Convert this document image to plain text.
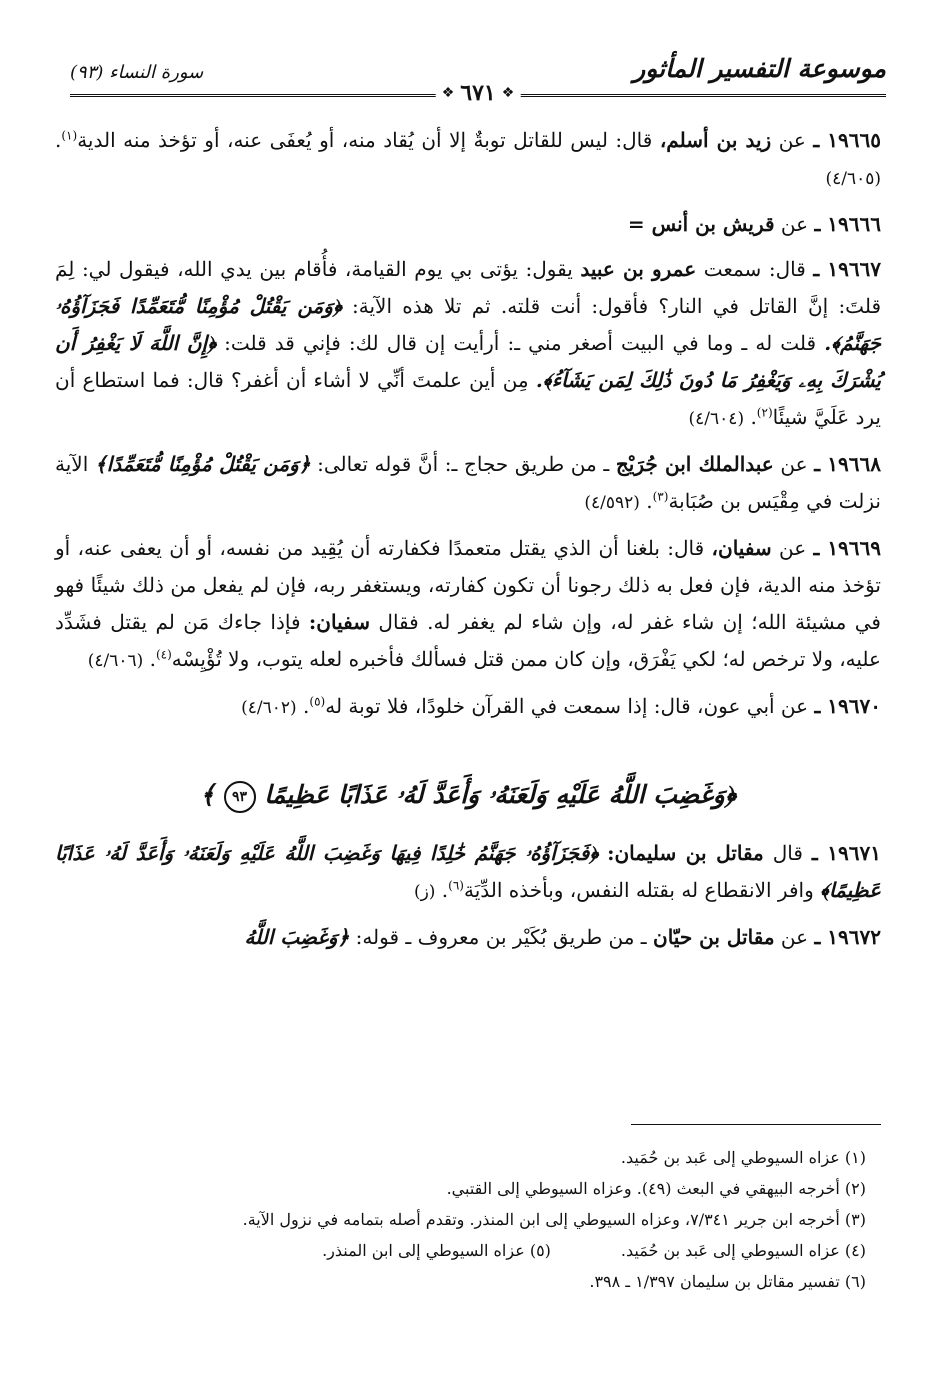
موسوعة التفسير المأثور
❖
٦٧١
❖
سورة النساء (٩٣)

١٩٦٦٥ ـ عن زيد بن أسلم، قال: ليس للقاتل توبةٌ إلا أن يُقاد منه، أو يُعفَى عنه، أو تؤخذ منه الدية$^{(١)}$. (٤/٦٠٥)

١٩٦٦٦ ـ عن قريش بن أنس =

١٩٦٦٧ ـ قال: سمعت عمرو بن عبيد يقول: يؤتى بي يوم القيامة، فأُقام بين يدي الله، فيقول لي: لِمَ قلتَ: إنَّ القاتل في النار؟ فأقول: أنت قلته. ثم تلا هذه الآية: ﴿وَمَن يَقْتُلْ مُؤْمِنًا مُّتَعَمِّدًا فَجَزَآؤُهُۥ جَهَنَّمُ﴾. قلت له ـ وما في البيت أصغر مني ـ: أرأيت إن قال لك: فإني قد قلت: ﴿إِنَّ اللَّهَ لَا يَغْفِرُ أَن يُشْرَكَ بِهِۦ وَيَغْفِرُ مَا دُونَ ذَٰلِكَ لِمَن يَشَآءُ﴾. مِن أين علمتَ أنِّي لا أشاء أن أغفر؟ قال: فما استطاع أن يرد عَلَيَّ شيئًا$^{(٢)}$. (٤/٦٠٤)

١٩٦٦٨ ـ عن عبدالملك ابن جُرَيْج ـ من طريق حجاج ـ: أنَّ قوله تعالى: ﴿وَمَن يَقْتُلْ مُؤْمِنًا مُّتَعَمِّدًا﴾ الآية نزلت في مِقْيَس بن صُبَابة$^{(٣)}$. (٤/٥٩٢)

١٩٦٦٩ ـ عن سفيان، قال: بلغنا أن الذي يقتل متعمدًا فكفارته أن يُقِيد من نفسه، أو أن يعفى عنه، أو تؤخذ منه الدية، فإن فعل به ذلك رجونا أن تكون كفارته، ويستغفر ربه، فإن لم يفعل من ذلك شيئًا فهو في مشيئة الله؛ إن شاء غفر له، وإن شاء لم يغفر له. فقال سفيان: فإذا جاءك مَن لم يقتل فشَدِّد عليه، ولا ترخص له؛ لكي يَفْرَق، وإن كان ممن قتل فسألك فأخبره لعله يتوب، ولا تُؤْيِسْه$^{(٤)}$. (٤/٦٠٦)

١٩٦٧٠ ـ عن أبي عون، قال: إذا سمعت في القرآن خلودًا، فلا توبة له$^{(٥)}$. (٤/٦٠٢)

﴿وَغَضِبَ اللَّهُ عَلَيْهِ وَلَعَنَهُۥ وَأَعَدَّ لَهُۥ عَذَابًا عَظِيمًا ٩٣ ﴾

١٩٦٧١ ـ قال مقاتل بن سليمان: ﴿فَجَزَآؤُهُۥ جَهَنَّمُ خَٰلِدًا فِيهَا وَغَضِبَ اللَّهُ عَلَيْهِ وَلَعَنَهُۥ وَأَعَدَّ لَهُۥ عَذَابًا عَظِيمًا﴾ وافر الانقطاع له بقتله النفس، وبأخذه الدِّيَة$^{(٦)}$. (ز)

١٩٦٧٢ ـ عن مقاتل بن حيّان ـ من طريق بُكَيْر بن معروف ـ قوله: ﴿وَغَضِبَ اللَّهُ

(١) عزاه السيوطي إلى عَبد بن حُمَيد.
(٢) أخرجه البيهقي في البعث (٤٩). وعزاه السيوطي إلى القتبي.
(٣) أخرجه ابن جرير ٧/٣٤١، وعزاه السيوطي إلى ابن المنذر. وتقدم أصله بتمامه في نزول الآية.
(٤) عزاه السيوطي إلى عَبد بن حُمَيد.
(٥) عزاه السيوطي إلى ابن المنذر.
(٦) تفسير مقاتل بن سليمان ١/٣٩٧ ـ ٣٩٨.
